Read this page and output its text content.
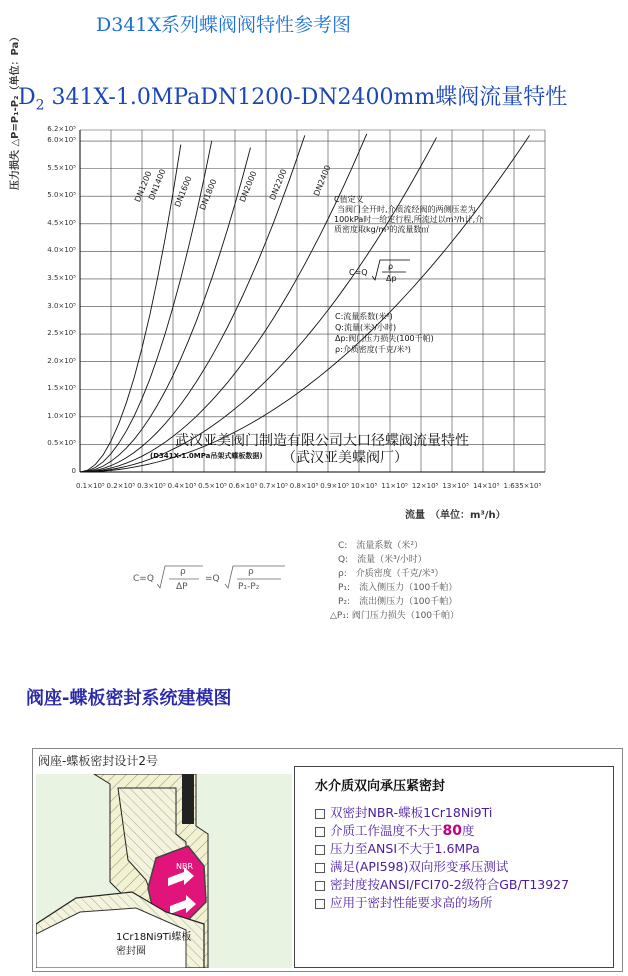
D341X系列蝶阀阀特性参考图
$D_2$ 341X-1.0MPaDN1200-DN2400mm蝶阀流量特性
压力损失 △P=P₁-P₂（单位：Pa）	6.2×10⁵
6.0×10⁵
5.5×10⁵
5.0×10⁵
4.5×10⁵
4.0×10⁵
3.5×10⁵
3.0×10⁵
2.5×10⁵
2.0×10⁵
1.5×10⁵
1.0×10⁵
0.5×10⁵
0
0.1×10⁵ 0.2×10⁵ 0.3×10⁵ 0.4×10⁵ 0.5×10⁵ 0.6×10⁵ 0.7×10⁵ 0.8×10⁵ 0.9×10⁵ 10×10⁵ 11×10⁵ 12×10⁵ 13×10⁵ 14×10⁵ 1:635×10⁵
DN1200
DN1400 DN1600 DN1800 DN2000 DN2200	DN2400
流量　（单位：m³/h）
C值定义
当阀门全开时,介质流经阀的两侧压差为
100kPa时一给定行程,所流过以m³/h计,介
质密度取kg/m³的流量数㎡
C=Q
ρ
Δp
C:流量系数(米²)
Q:流量(米³/小时)
Δp:阀门压力损失(100千帕)
ρ:介质密度(千克/米³)
武汉亚美阀门制造有限公司大口径蝶阀流量特性
(D341X-1.0MPa吊架式蝶板数据) （武汉亚美蝶阀厂）
C=Q
ρ
ΔP
=Q
ρ
P₁-P₂
C:　流量系数（米²）
Q:　流量（米³/小时）
ρ:　介质密度（千克/米³）
P₁:　流入侧压力（100千帕）
P₂:　流出侧压力（100千帕）
△P₁: 阀门压力损失（100千帕）
阀座-蝶板密封系统建模图
阀座-蝶板密封设计2号
NBR
1Cr18Ni9Ti蝶板
密封圈
水介质双向承压紧密封
双密封NBR-蝶板1Cr18Ni9Ti
介质工作温度不大于80度
压力至ANSI不大于1.6MPa
满足(API598)双向形变承压测试
密封度按ANSI/FCI70-2级符合GB/T13927
应用于密封性能要求高的场所
